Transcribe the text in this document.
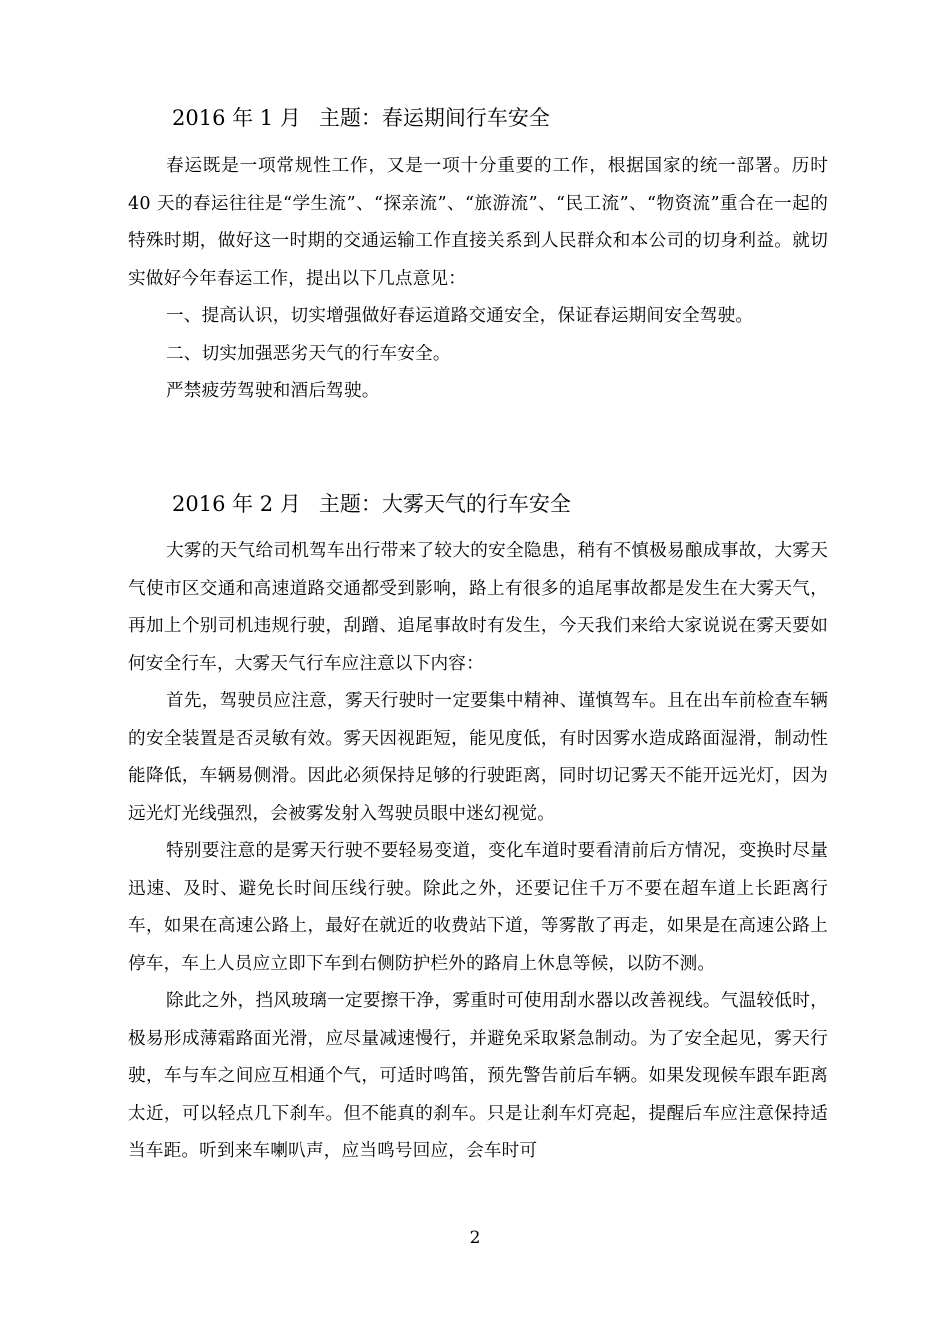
2016 年 1 月 主题：春运期间行车安全

春运既是一项常规性工作，又是一项十分重要的工作，根据国家的统一部署。历时 40 天的春运往往是“学生流”、“探亲流”、“旅游流”、“民工流”、“物资流”重合在一起的特殊时期，做好这一时期的交通运输工作直接关系到人民群众和本公司的切身利益。就切实做好今年春运工作，提出以下几点意见：

一、提高认识，切实增强做好春运道路交通安全，保证春运期间安全驾驶。

二、切实加强恶劣天气的行车安全。

严禁疲劳驾驶和酒后驾驶。

2016 年 2 月 主题：大雾天气的行车安全

大雾的天气给司机驾车出行带来了较大的安全隐患，稍有不慎极易酿成事故，大雾天气使市区交通和高速道路交通都受到影响，路上有很多的追尾事故都是发生在大雾天气，再加上个别司机违规行驶，刮蹭、追尾事故时有发生，今天我们来给大家说说在雾天要如何安全行车，大雾天气行车应注意以下内容：

首先，驾驶员应注意，雾天行驶时一定要集中精神、谨慎驾车。且在出车前检查车辆的安全装置是否灵敏有效。雾天因视距短，能见度低，有时因雾水造成路面湿滑，制动性能降低，车辆易侧滑。因此必须保持足够的行驶距离，同时切记雾天不能开远光灯，因为远光灯光线强烈，会被雾发射入驾驶员眼中迷幻视觉。

特别要注意的是雾天行驶不要轻易变道，变化车道时要看清前后方情况，变换时尽量迅速、及时、避免长时间压线行驶。除此之外，还要记住千万不要在超车道上长距离行车，如果在高速公路上，最好在就近的收费站下道，等雾散了再走，如果是在高速公路上停车，车上人员应立即下车到右侧防护栏外的路肩上休息等候，以防不测。

除此之外，挡风玻璃一定要擦干净，雾重时可使用刮水器以改善视线。气温较低时，极易形成薄霜路面光滑，应尽量减速慢行，并避免采取紧急制动。为了安全起见，雾天行驶，车与车之间应互相通个气，可适时鸣笛，预先警告前后车辆。如果发现候车跟车距离太近，可以轻点几下刹车。但不能真的刹车。只是让刹车灯亮起，提醒后车应注意保持适当车距。听到来车喇叭声，应当鸣号回应，会车时可

2
